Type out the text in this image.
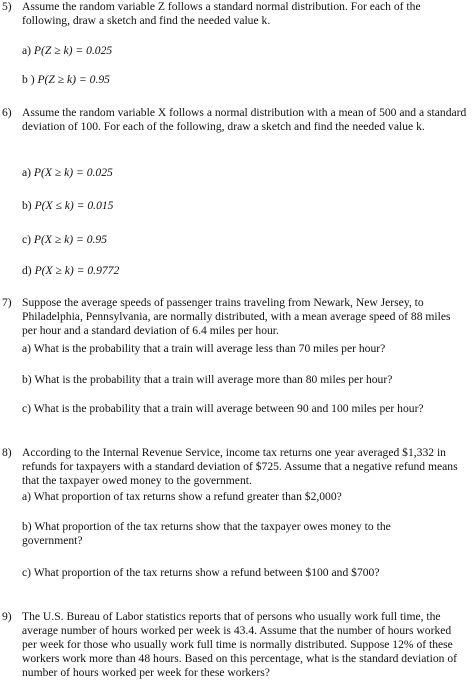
5) Assume the random variable Z follows a standard normal distribution. For each of the following, draw a sketch and find the needed value k.
a) P(Z ≥ k) = 0.025
b ) P(Z ≥ k) = 0.95
6) Assume the random variable X follows a normal distribution with a mean of 500 and a standard deviation of 100. For each of the following, draw a sketch and find the needed value k.
a) P(X ≥ k) = 0.025
b) P(X ≤ k) = 0.015
c) P(X ≥ k) = 0.95
d) P(X ≥ k) = 0.9772
7) Suppose the average speeds of passenger trains traveling from Newark, New Jersey, to Philadelphia, Pennsylvania, are normally distributed, with a mean average speed of 88 miles per hour and a standard deviation of 6.4 miles per hour.
a) What is the probability that a train will average less than 70 miles per hour?
b) What is the probability that a train will average more than 80 miles per hour?
c) What is the probability that a train will average between 90 and 100 miles per hour?
8) According to the Internal Revenue Service, income tax returns one year averaged $1,332 in refunds for taxpayers with a standard deviation of $725. Assume that a negative refund means that the taxpayer owed money to the government.
a) What proportion of tax returns show a refund greater than $2,000?
b) What proportion of the tax returns show that the taxpayer owes money to the government?
c) What proportion of the tax returns show a refund between $100 and $700?
9) The U.S. Bureau of Labor statistics reports that of persons who usually work full time, the average number of hours worked per week is 43.4. Assume that the number of hours worked per week for those who usually work full time is normally distributed. Suppose 12% of these workers work more than 48 hours. Based on this percentage, what is the standard deviation of number of hours worked per week for these workers?
